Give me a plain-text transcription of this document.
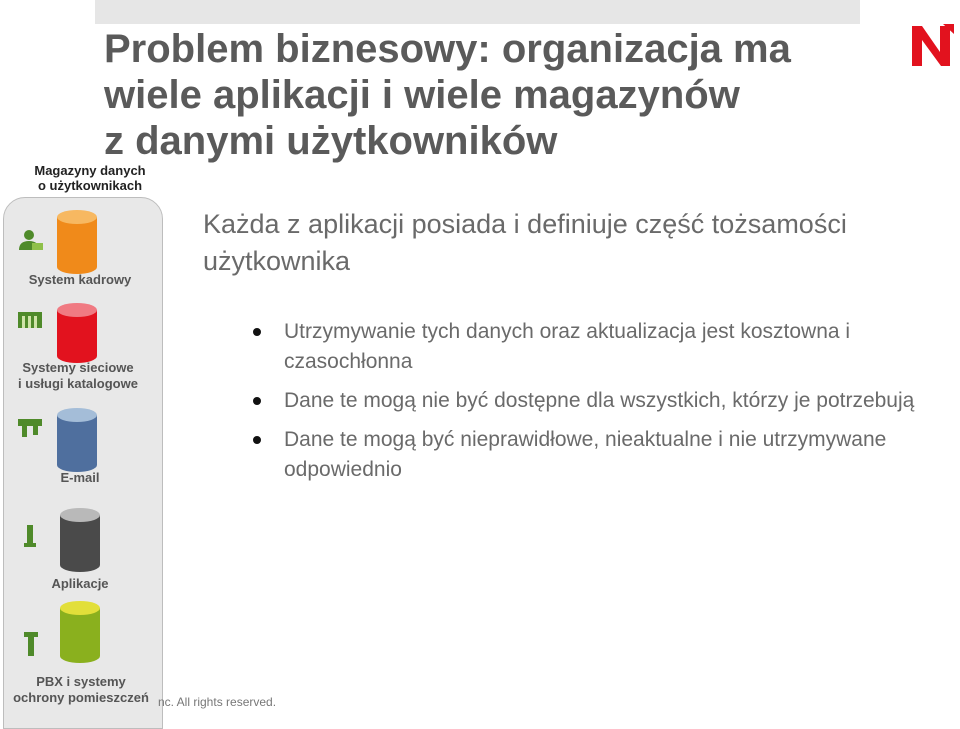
Problem biznesowy: organizacja ma
wiele aplikacji i wiele magazynów
z danymi użytkowników
Magazyny danych
o użytkownikach
System kadrowy
Systemy sieciowe
i usługi katalogowe
E-mail
Aplikacje
PBX i systemy
ochrony pomieszczeń
Każda z aplikacji posiada i definiuje część tożsamości użytkownika
Utrzymywanie tych danych oraz aktualizacja jest kosztowna i czasochłonna
Dane te mogą nie być dostępne dla wszystkich, którzy je potrzebują
Dane te mogą być nieprawidłowe, nieaktualne i nie utrzymywane odpowiednio
nc. All rights reserved.
